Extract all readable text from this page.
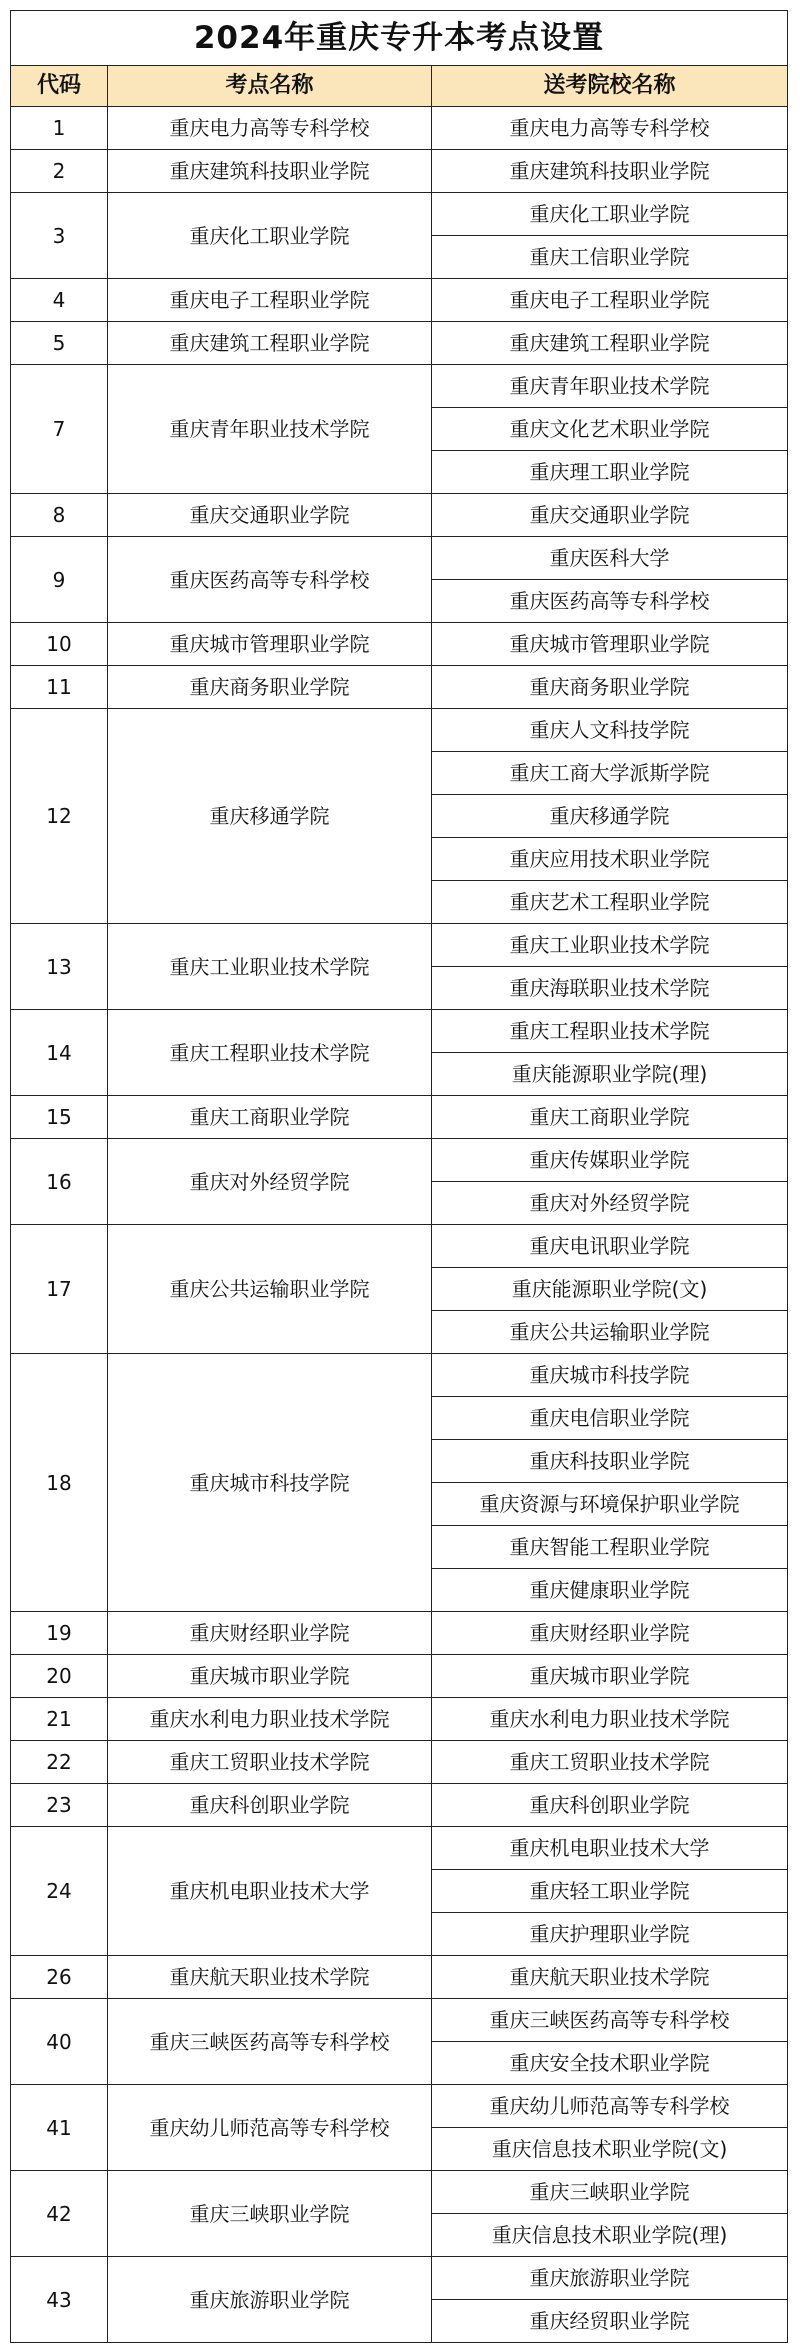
2024年重庆专升本考点设置		
代码	考点名称	送考院校名称
1	重庆电力高等专科学校	重庆电力高等专科学校
2	重庆建筑科技职业学院	重庆建筑科技职业学院
3	重庆化工职业学院	重庆化工职业学院
		重庆工信职业学院
4	重庆电子工程职业学院	重庆电子工程职业学院
5	重庆建筑工程职业学院	重庆建筑工程职业学院
7	重庆青年职业技术学院	重庆青年职业技术学院
		重庆文化艺术职业学院
		重庆理工职业学院
8	重庆交通职业学院	重庆交通职业学院
9	重庆医药高等专科学校	重庆医科大学
		重庆医药高等专科学校
10	重庆城市管理职业学院	重庆城市管理职业学院
11	重庆商务职业学院	重庆商务职业学院
12	重庆移通学院	重庆人文科技学院
		重庆工商大学派斯学院
		重庆移通学院
		重庆应用技术职业学院
		重庆艺术工程职业学院
13	重庆工业职业技术学院	重庆工业职业技术学院
		重庆海联职业技术学院
14	重庆工程职业技术学院	重庆工程职业技术学院
		重庆能源职业学院(理)
15	重庆工商职业学院	重庆工商职业学院
16	重庆对外经贸学院	重庆传媒职业学院
		重庆对外经贸学院
17	重庆公共运输职业学院	重庆电讯职业学院
		重庆能源职业学院(文)
		重庆公共运输职业学院
18	重庆城市科技学院	重庆城市科技学院
		重庆电信职业学院
		重庆科技职业学院
		重庆资源与环境保护职业学院
		重庆智能工程职业学院
		重庆健康职业学院
19	重庆财经职业学院	重庆财经职业学院
20	重庆城市职业学院	重庆城市职业学院
21	重庆水利电力职业技术学院	重庆水利电力职业技术学院
22	重庆工贸职业技术学院	重庆工贸职业技术学院
23	重庆科创职业学院	重庆科创职业学院
24	重庆机电职业技术大学	重庆机电职业技术大学
		重庆轻工职业学院
		重庆护理职业学院
26	重庆航天职业技术学院	重庆航天职业技术学院
40	重庆三峡医药高等专科学校	重庆三峡医药高等专科学校
		重庆安全技术职业学院
41	重庆幼儿师范高等专科学校	重庆幼儿师范高等专科学校
		重庆信息技术职业学院(文)
42	重庆三峡职业学院	重庆三峡职业学院
		重庆信息技术职业学院(理)
43	重庆旅游职业学院	重庆旅游职业学院
		重庆经贸职业学院
